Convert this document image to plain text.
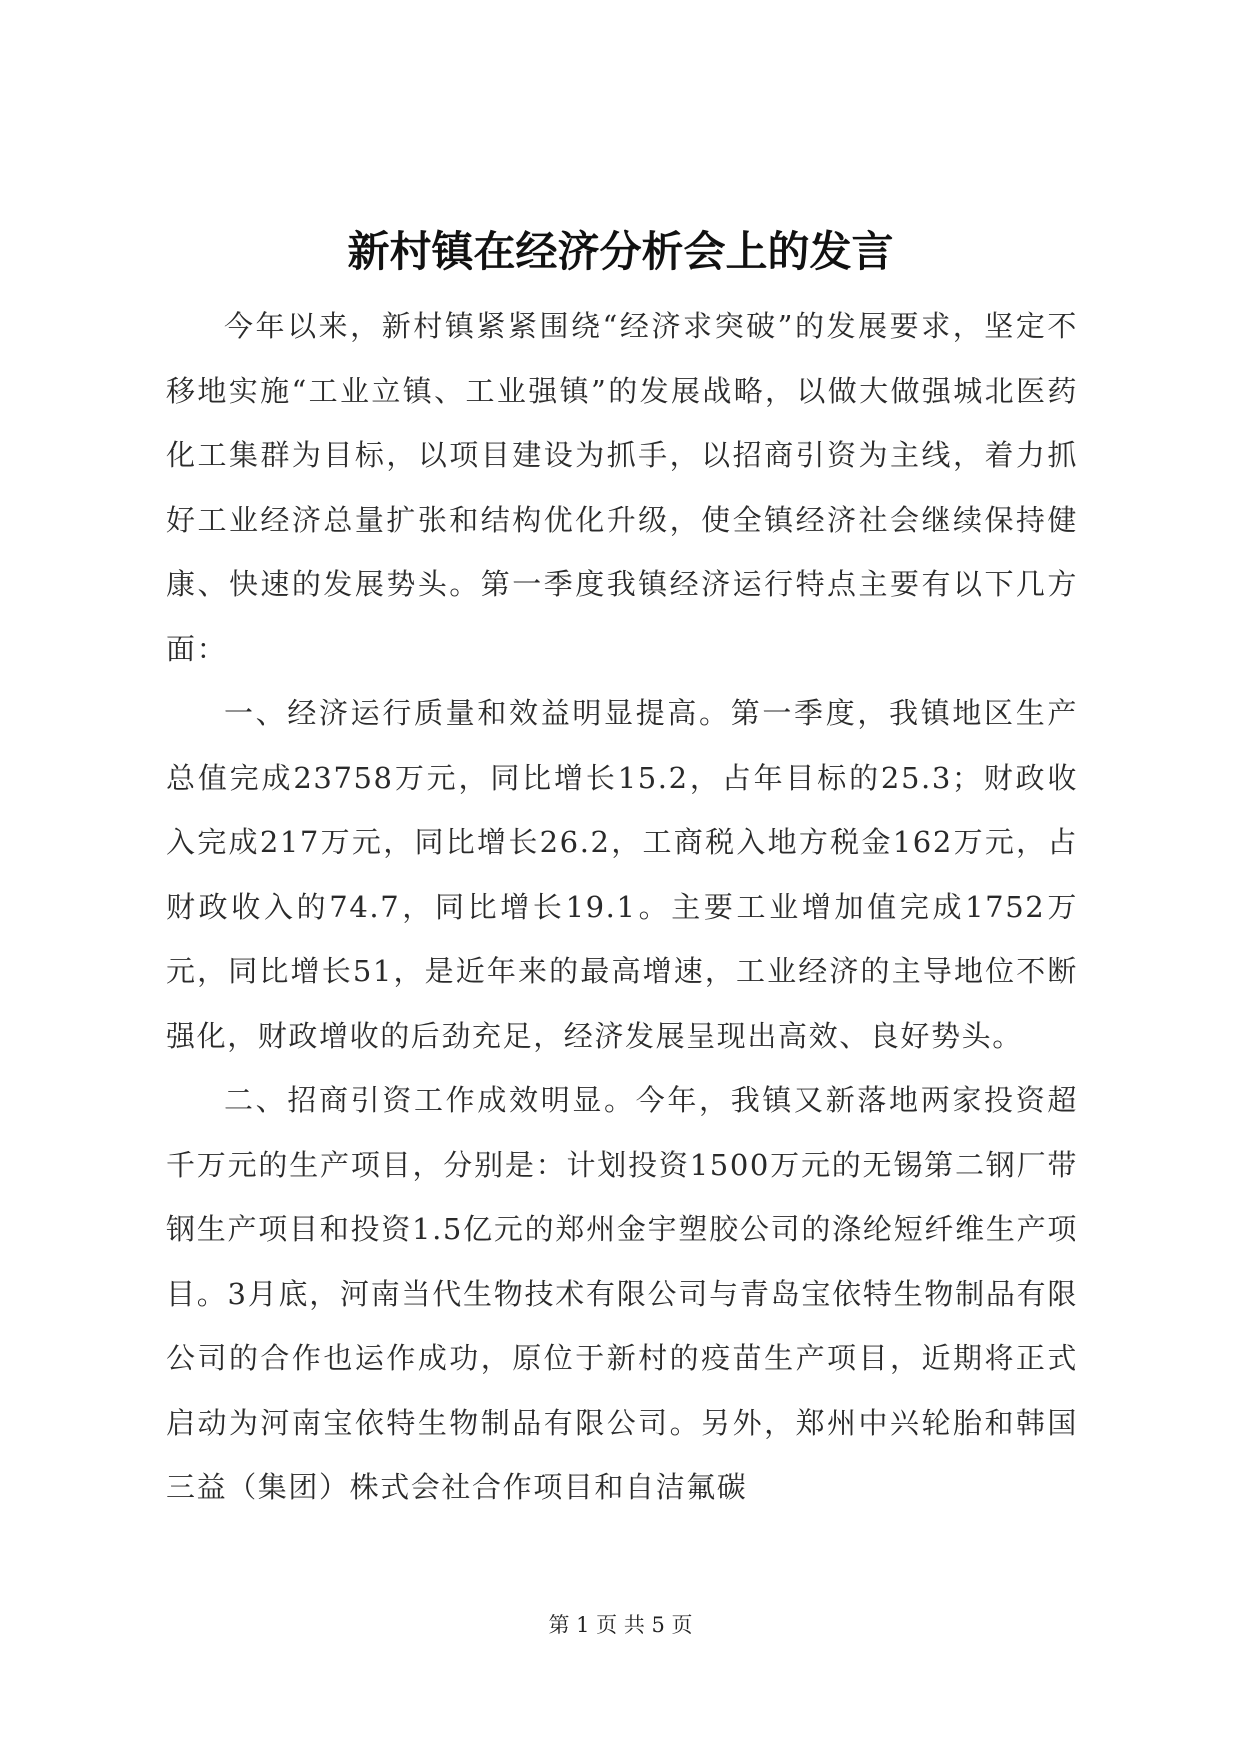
新村镇在经济分析会上的发言

今年以来，新村镇紧紧围绕“经济求突破”的发展要求，坚定不移地实施“工业立镇、工业强镇”的发展战略，以做大做强城北医药化工集群为目标，以项目建设为抓手，以招商引资为主线，着力抓好工业经济总量扩张和结构优化升级，使全镇经济社会继续保持健康、快速的发展势头。第一季度我镇经济运行特点主要有以下几方面：

一、经济运行质量和效益明显提高。第一季度，我镇地区生产总值完成23758万元，同比增长15.2，占年目标的25.3；财政收入完成217万元，同比增长26.2，工商税入地方税金162万元，占财政收入的74.7，同比增长19.1。主要工业增加值完成1752万元，同比增长51，是近年来的最高增速，工业经济的主导地位不断强化，财政增收的后劲充足，经济发展呈现出高效、良好势头。

二、招商引资工作成效明显。今年，我镇又新落地两家投资超千万元的生产项目，分别是：计划投资1500万元的无锡第二钢厂带钢生产项目和投资1.5亿元的郑州金宇塑胶公司的涤纶短纤维生产项目。3月底，河南当代生物技术有限公司与青岛宝依特生物制品有限公司的合作也运作成功，原位于新村的疫苗生产项目，近期将正式启动为河南宝依特生物制品有限公司。另外，郑州中兴轮胎和韩国三益（集团）株式会社合作项目和自洁氟碳

第 1 页 共 5 页
